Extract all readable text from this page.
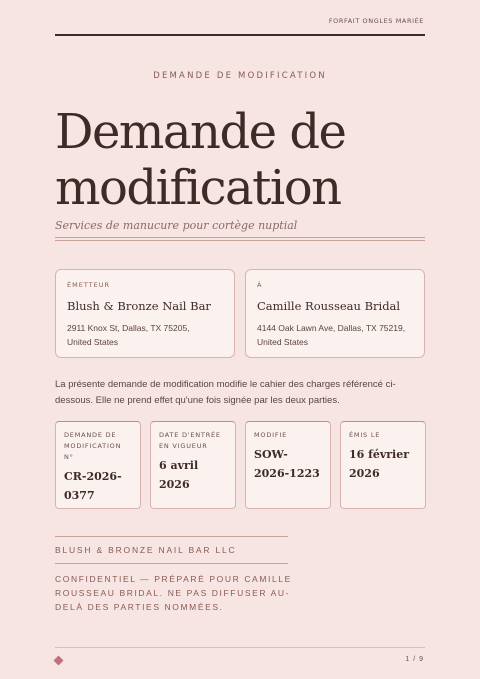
FORFAIT ONGLES MARIÉE
DEMANDE DE MODIFICATION
Demande de
modification
Services de manucure pour cortège nuptial
ÉMETTEUR
Blush & Bronze Nail Bar
2911 Knox St, Dallas, TX 75205,
United States
À
Camille Rousseau Bridal
4144 Oak Lawn Ave, Dallas, TX 75219,
United States
La présente demande de modification modifie le cahier des charges référencé ci-dessous. Elle ne prend effet qu'une fois signée par les deux parties.
DEMANDE DE MODIFICATION N°
CR-2026-0377
DATE D'ENTRÉE EN VIGUEUR
6 avril 2026
MODIFIE
SOW-2026-1223
ÉMIS LE
16 février 2026
BLUSH & BRONZE NAIL BAR LLC
CONFIDENTIEL — PRÉPARÉ POUR CAMILLE ROUSSEAU BRIDAL. NE PAS DIFFUSER AU-DELÀ DES PARTIES NOMMÉES.
1 / 9
